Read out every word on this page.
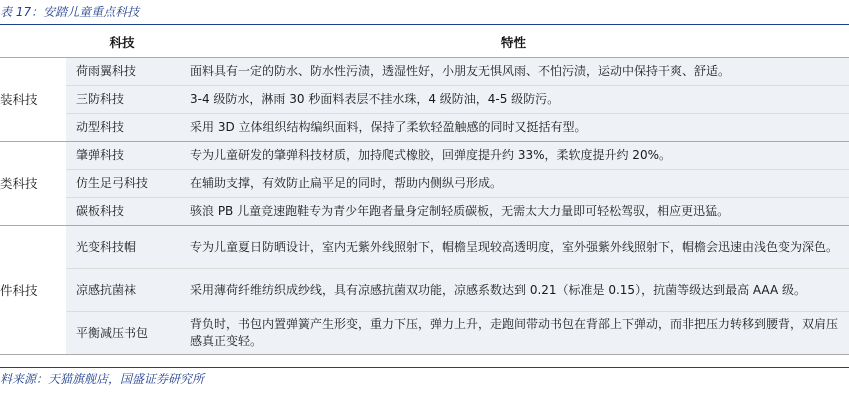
表 17：安踏儿童重点科技
	科技	特性
装科技	荷雨翼科技	面料具有一定的防水、防水性污渍，透湿性好，小朋友无惧风雨、不怕污渍，运动中保持干爽、舒适。
	三防科技	3-4 级防水，淋雨 30 秒面料表层不挂水珠，4 级防油，4-5 级防污。
	动型科技	采用 3D 立体组织结构编织面料，保持了柔软轻盈触感的同时又挺括有型。
类科技	肇弹科技	专为儿童研发的肇弹科技材质，加持爬式橡胶，回弹度提升约 33%，柔软度提升约 20%。
	仿生足弓科技	在辅助支撑，有效防止扁平足的同时，帮助内侧纵弓形成。
	碳板科技	骇浪 PB 儿童竞速跑鞋专为青少年跑者量身定制轻质碳板，无需太大力量即可轻松驾驭，相应更迅猛。
件科技	光变科技帽	专为儿童夏日防晒设计，室内无紫外线照射下，帽檐呈现较高透明度，室外强紫外线照射下，帽檐会迅速由浅色变为深色。
	凉感抗菌袜	采用薄荷纤维纺织成纱线，具有凉感抗菌双功能，凉感系数达到 0.21（标准是 0.15），抗菌等级达到最高 AAA 级。
	平衡减压书包	背负时，书包内置弹簧产生形变，重力下压，弹力上升，走跑间带动书包在背部上下弹动，而非把压力转移到腰背，双肩压感真正变轻。
料来源：天猫旗舰店，国盛证券研究所
